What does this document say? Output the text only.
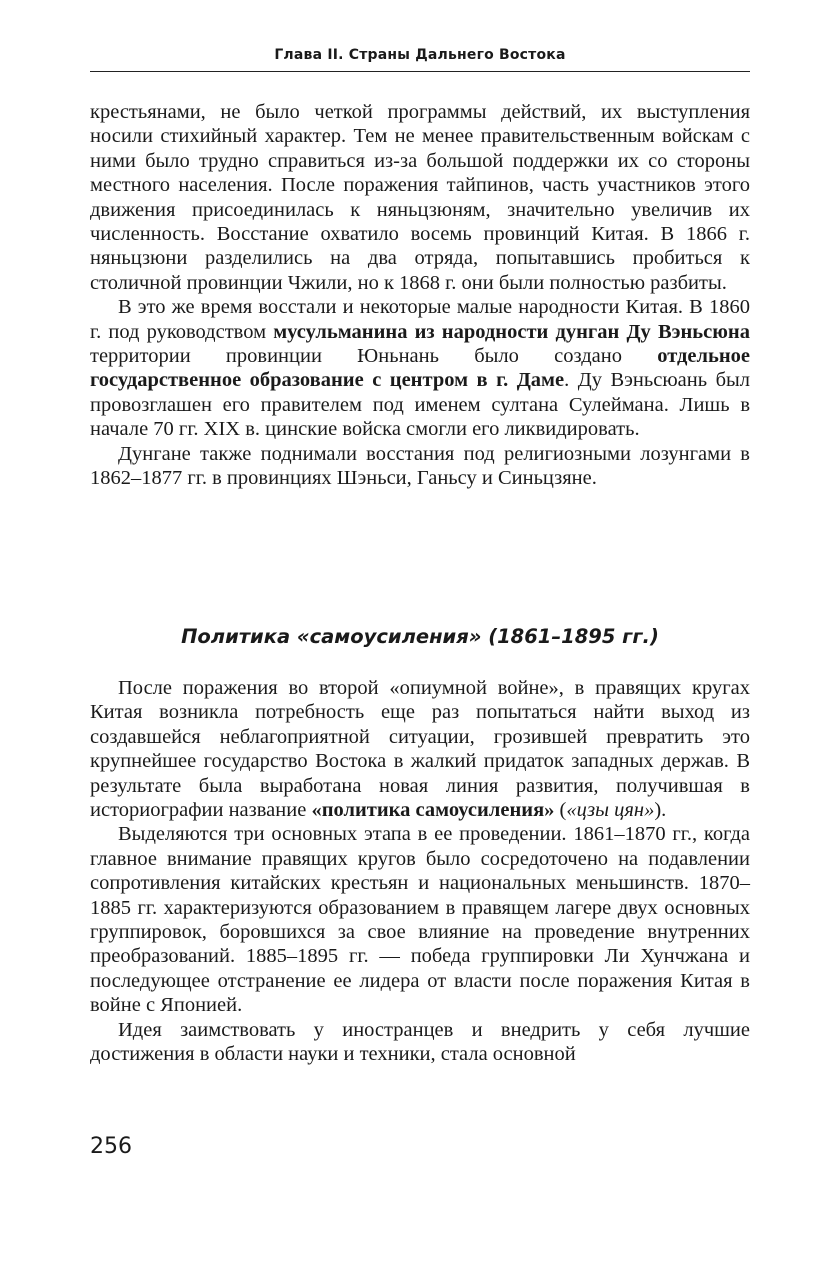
Глава II. Страны Дальнего Востока

крестьянами, не было четкой программы действий, их выступления носили стихийный характер. Тем не менее правительственным войскам с ними было трудно справиться из-за большой поддержки их со стороны местного населения. После поражения тайпинов, часть участников этого движения присоединилась к няньцзюням, значительно увеличив их численность. Восстание охватило восемь провинций Китая. В 1866 г. няньцзюни разделились на два отряда, попытавшись пробиться к столичной провинции Чжили, но к 1868 г. они были полностью разбиты.

В это же время восстали и некоторые малые народности Китая. В 1860 г. под руководством мусульманина из народности дунган Ду Вэньсюна территории провинции Юньнань было создано отдельное государственное образование с центром в г. Даме. Ду Вэньсюань был провозглашен его правителем под именем султана Сулеймана. Лишь в начале 70 гг. XIX в. цинские войска смогли его ликвидировать.

Дунгане также поднимали восстания под религиозными лозунгами в 1862–1877 гг. в провинциях Шэньси, Ганьсу и Синьцзяне.

Политика «самоусиления» (1861–1895 гг.)

После поражения во второй «опиумной войне», в правящих кругах Китая возникла потребность еще раз попытаться найти выход из создавшейся неблагоприятной ситуации, грозившей превратить это крупнейшее государство Востока в жалкий придаток западных держав. В результате была выработана новая линия развития, получившая в историографии название «политика самоусиления» («цзы цян»).

Выделяются три основных этапа в ее проведении. 1861–1870 гг., когда главное внимание правящих кругов было сосредоточено на подавлении сопротивления китайских крестьян и национальных меньшинств. 1870–1885 гг. характеризуются образованием в правящем лагере двух основных группировок, боровшихся за свое влияние на проведение внутренних преобразований. 1885–1895 гг. — победа группировки Ли Хунчжана и последующее отстранение ее лидера от власти после поражения Китая в войне с Японией.

Идея заимствовать у иностранцев и внедрить у себя лучшие достижения в области науки и техники, стала основной

256
